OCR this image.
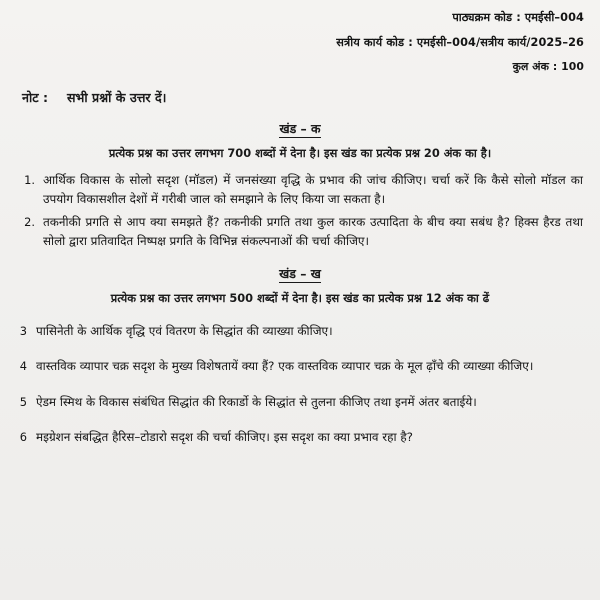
पाठ्यक्रम कोड : एमईसी–004
सत्रीय कार्य कोड : एमईसी–004/सत्रीय कार्य/2025–26
कुल अंक : 100
नोट : सभी प्रश्नों के उत्तर दें।
खंड – क
प्रत्येक प्रश्न का उत्तर लगभग 700 शब्दों में देना है। इस खंड का प्रत्येक प्रश्न 20 अंक का है।
1. आर्थिक विकास के सोलो सदृश (मॉडल) में जनसंख्या वृद्धि के प्रभाव की जांच कीजिए। चर्चा करें कि कैसे सोलो मॉडल का उपयोग विकासशील देशों में गरीबी जाल को समझाने के लिए किया जा सकता है।
2. तकनीकी प्रगति से आप क्या समझते हैं? तकनीकी प्रगति तथा कुल कारक उत्पादिता के बीच क्या सबंध है? हिक्स हैरड तथा सोलो द्वारा प्रतिवादित निष्पक्ष प्रगति के विभिन्न संकल्पनाओं की चर्चा कीजिए।
खंड – ख
प्रत्येक प्रश्न का उत्तर लगभग 500 शब्दों में देना है। इस खंड का प्रत्येक प्रश्न 12 अंक का ढें
3 पासिनेती के आर्थिक वृद्धि एवं वितरण के सिद्धांत की व्याख्या कीजिए।
4 वास्तविक व्यापार चक्र सदृश के मुख्य विशेषतायें क्या हैं? एक वास्तविक व्यापार चक्र के मूल ढ़ाँचे की व्याख्या कीजिए।
5 ऐडम स्मिथ के विकास संबंधित सिद्धांत की रिकार्डो के सिद्धांत से तुलना कीजिए तथा इनमें अंतर बताईये।
6 मइग्रेशन संबद्धित हैरिस–टोडारो सदृश की चर्चा कीजिए। इस सदृश का क्या प्रभाव रहा है?
